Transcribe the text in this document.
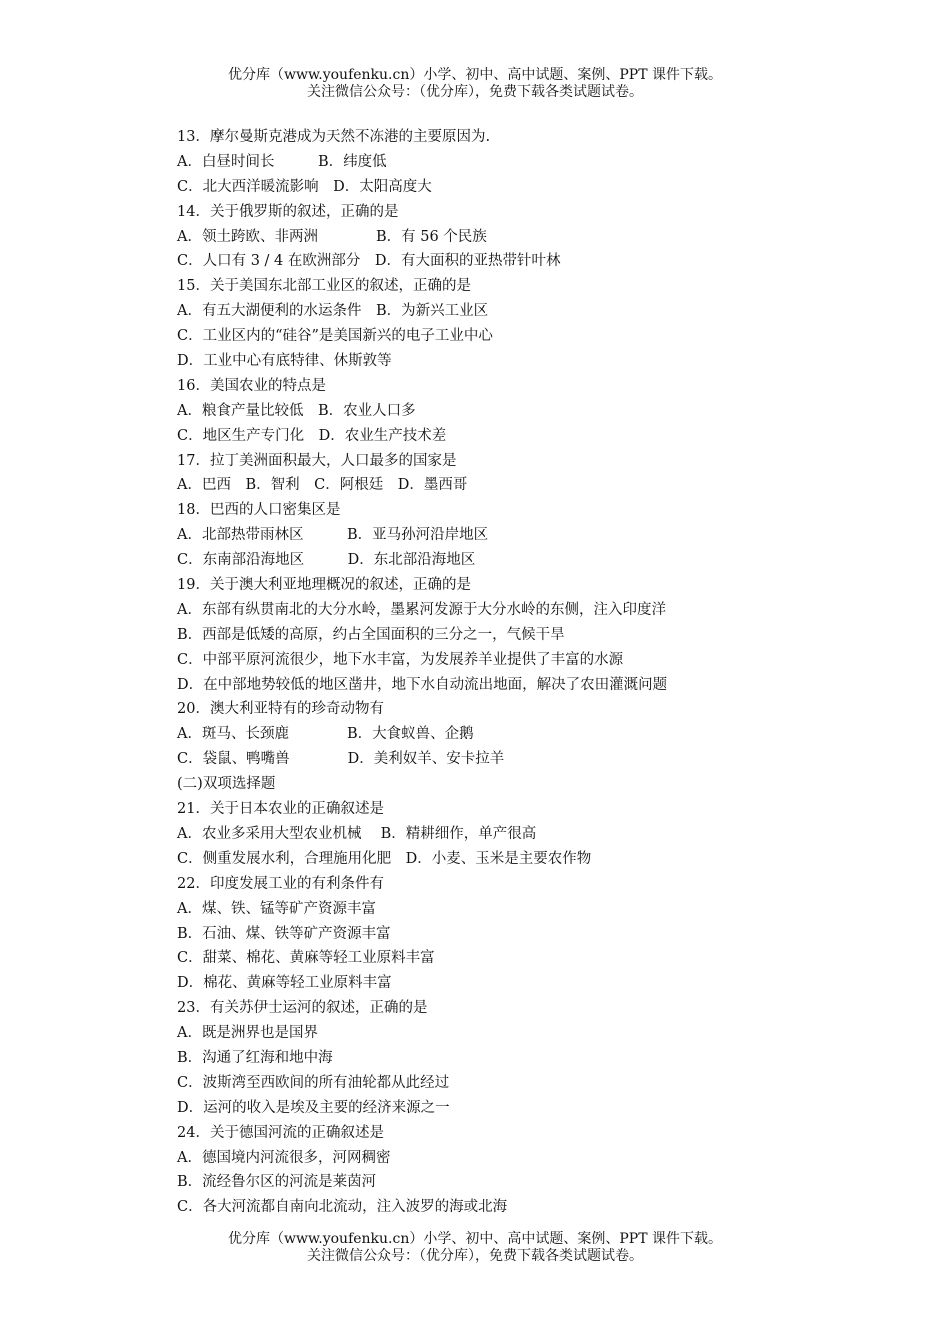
优分库（www.youfenku.cn）小学、初中、高中试题、案例、PPT 课件下载。
关注微信公众号：（优分库），免费下载各类试题试卷。
13．摩尔曼斯克港成为天然不冻港的主要原因为.
A．白昼时间长　　　B．纬度低
C．北大西洋暖流影响　D．太阳高度大
14．关于俄罗斯的叙述，正确的是
A．领土跨欧、非两洲　　　　B．有 56 个民族
C．人口有 3 / 4 在欧洲部分　D．有大面积的亚热带针叶林
15．关于美国东北部工业区的叙述，正确的是
A．有五大湖便利的水运条件　B．为新兴工业区
C．工业区内的“硅谷”是美国新兴的电子工业中心
D．工业中心有底特律、休斯敦等
16．美国农业的特点是
A．粮食产量比较低　B．农业人口多
C．地区生产专门化　D．农业生产技术差
17．拉丁美洲面积最大，人口最多的国家是
A．巴西　B．智利　C．阿根廷　D．墨西哥
18．巴西的人口密集区是
A．北部热带雨林区　　　B．亚马孙河沿岸地区
C．东南部沿海地区　　　D．东北部沿海地区
19．关于澳大利亚地理概况的叙述，正确的是
A．东部有纵贯南北的大分水岭，墨累河发源于大分水岭的东侧，注入印度洋
B．西部是低矮的高原，约占全国面积的三分之一，气候干旱
C．中部平原河流很少，地下水丰富，为发展养羊业提供了丰富的水源
D．在中部地势较低的地区凿井，地下水自动流出地面，解决了农田灌溉问题
20．澳大利亚特有的珍奇动物有
A．斑马、长颈鹿　　　　B．大食蚁兽、企鹅
C．袋鼠、鸭嘴兽　　　　D．美利奴羊、安卡拉羊
(二)双项选择题
21．关于日本农业的正确叙述是
A．农业多采用大型农业机械　 B．精耕细作，单产很高
C．侧重发展水利，合理施用化肥　D．小麦、玉米是主要农作物
22．印度发展工业的有利条件有
A．煤、铁、锰等矿产资源丰富
B．石油、煤、铁等矿产资源丰富
C．甜菜、棉花、黄麻等轻工业原料丰富
D．棉花、黄麻等轻工业原料丰富
23．有关苏伊士运河的叙述，正确的是
A．既是洲界也是国界
B．沟通了红海和地中海
C．波斯湾至西欧间的所有油轮都从此经过
D．运河的收入是埃及主要的经济来源之一
24．关于德国河流的正确叙述是
A．德国境内河流很多，河网稠密
B．流经鲁尔区的河流是莱茵河
C．各大河流都自南向北流动，注入波罗的海或北海
优分库（www.youfenku.cn）小学、初中、高中试题、案例、PPT 课件下载。
关注微信公众号：（优分库），免费下载各类试题试卷。
